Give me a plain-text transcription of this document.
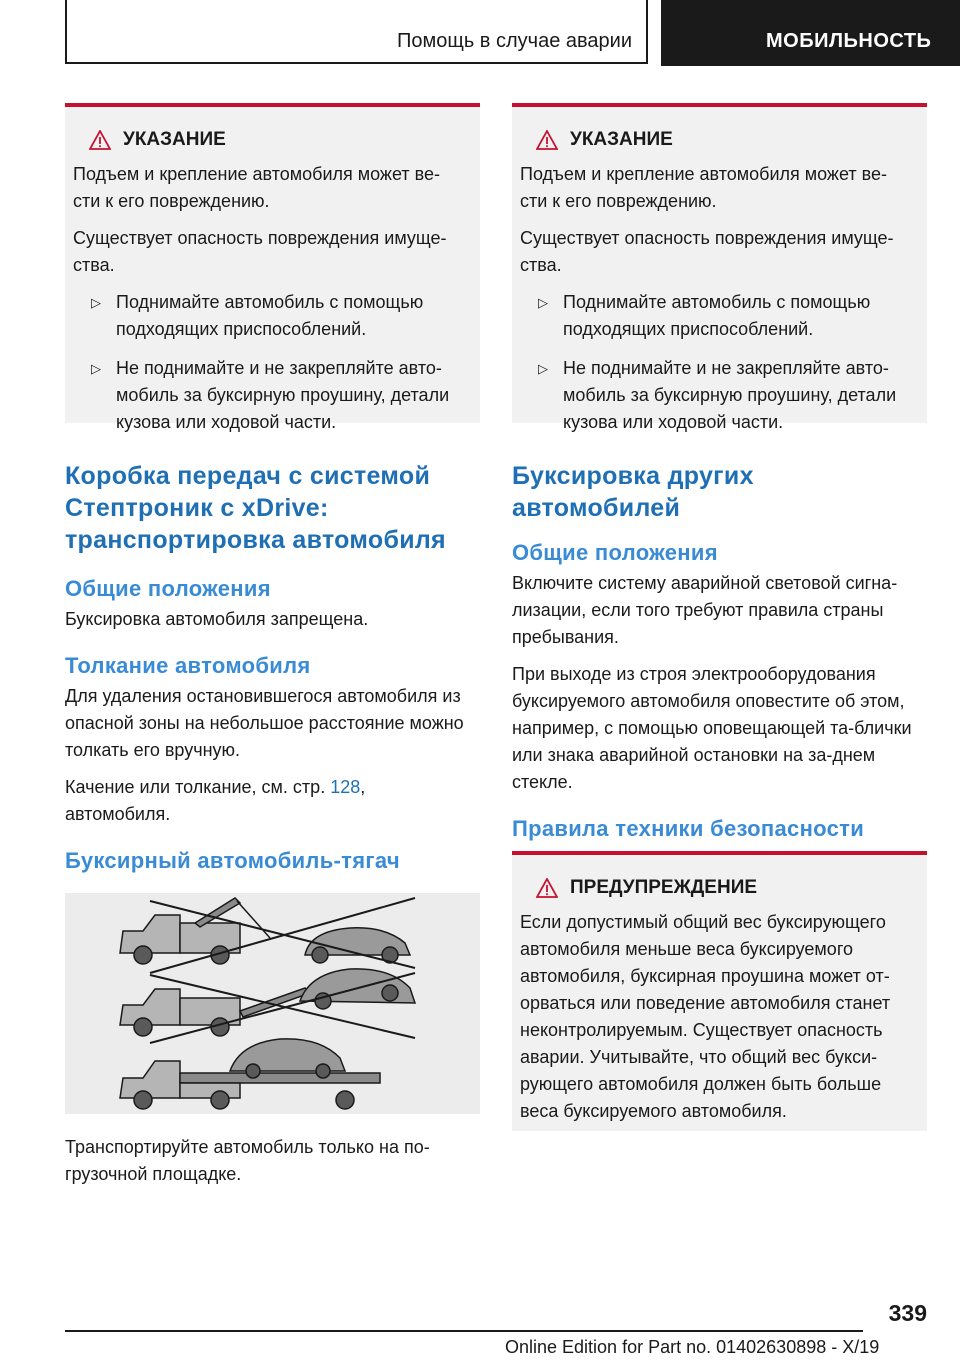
Помощь в случае аварии	МОБИЛЬНОСТЬ
УКАЗАНИЕ

Подъем и крепление автомобиля может ве-сти к его повреждению.

Существует опасность повреждения имуще-ства.

▷ Поднимайте автомобиль с помощью подходящих приспособлений.
▷ Не поднимайте и не закрепляйте авто-мобиль за буксирную проушину, детали кузова или ходовой части.
Коробка передач с системой Стептроник с xDrive: транспортировка автомобиля
Общие положения

Буксировка автомобиля запрещена.

Толкание автомобиля

Для удаления остановившегося автомобиля из опасной зоны на небольшое расстояние можно толкать его вручную.

Качение или толкание, см. стр. 128,
автомобиля.

Буксирный автомобиль-тягач

Транспортируйте автомобиль только на по-грузочной площадке.

УКАЗАНИЕ

Подъем и крепление автомобиля может ве-сти к его повреждению.

Существует опасность повреждения имуще-ства.

▷ Поднимайте автомобиль с помощью подходящих приспособлений.
▷ Не поднимайте и не закрепляйте авто-мобиль за буксирную проушину, детали кузова или ходовой части.
Буксировка других автомобилей
Общие положения

Включите систему аварийной световой сигна-лизации, если того требуют правила страны пребывания.

При выходе из строя электрооборудования буксируемого автомобиля оповестите об этом, например, с помощью оповещающей та-блички или знака аварийной остановки на за-днем стекле.

Правила техники безопасности
ПРЕДУПРЕЖДЕНИЕ

Если допустимый общий вес буксирующего автомобиля меньше веса буксируемого автомобиля, буксирная проушина может от-орваться или поведение автомобиля станет неконтролируемым. Существует опасность аварии. Учитывайте, что общий вес букси-рующего автомобиля должен быть больше веса буксируемого автомобиля.

339
Online Edition for Part no. 01402630898 - X/19
